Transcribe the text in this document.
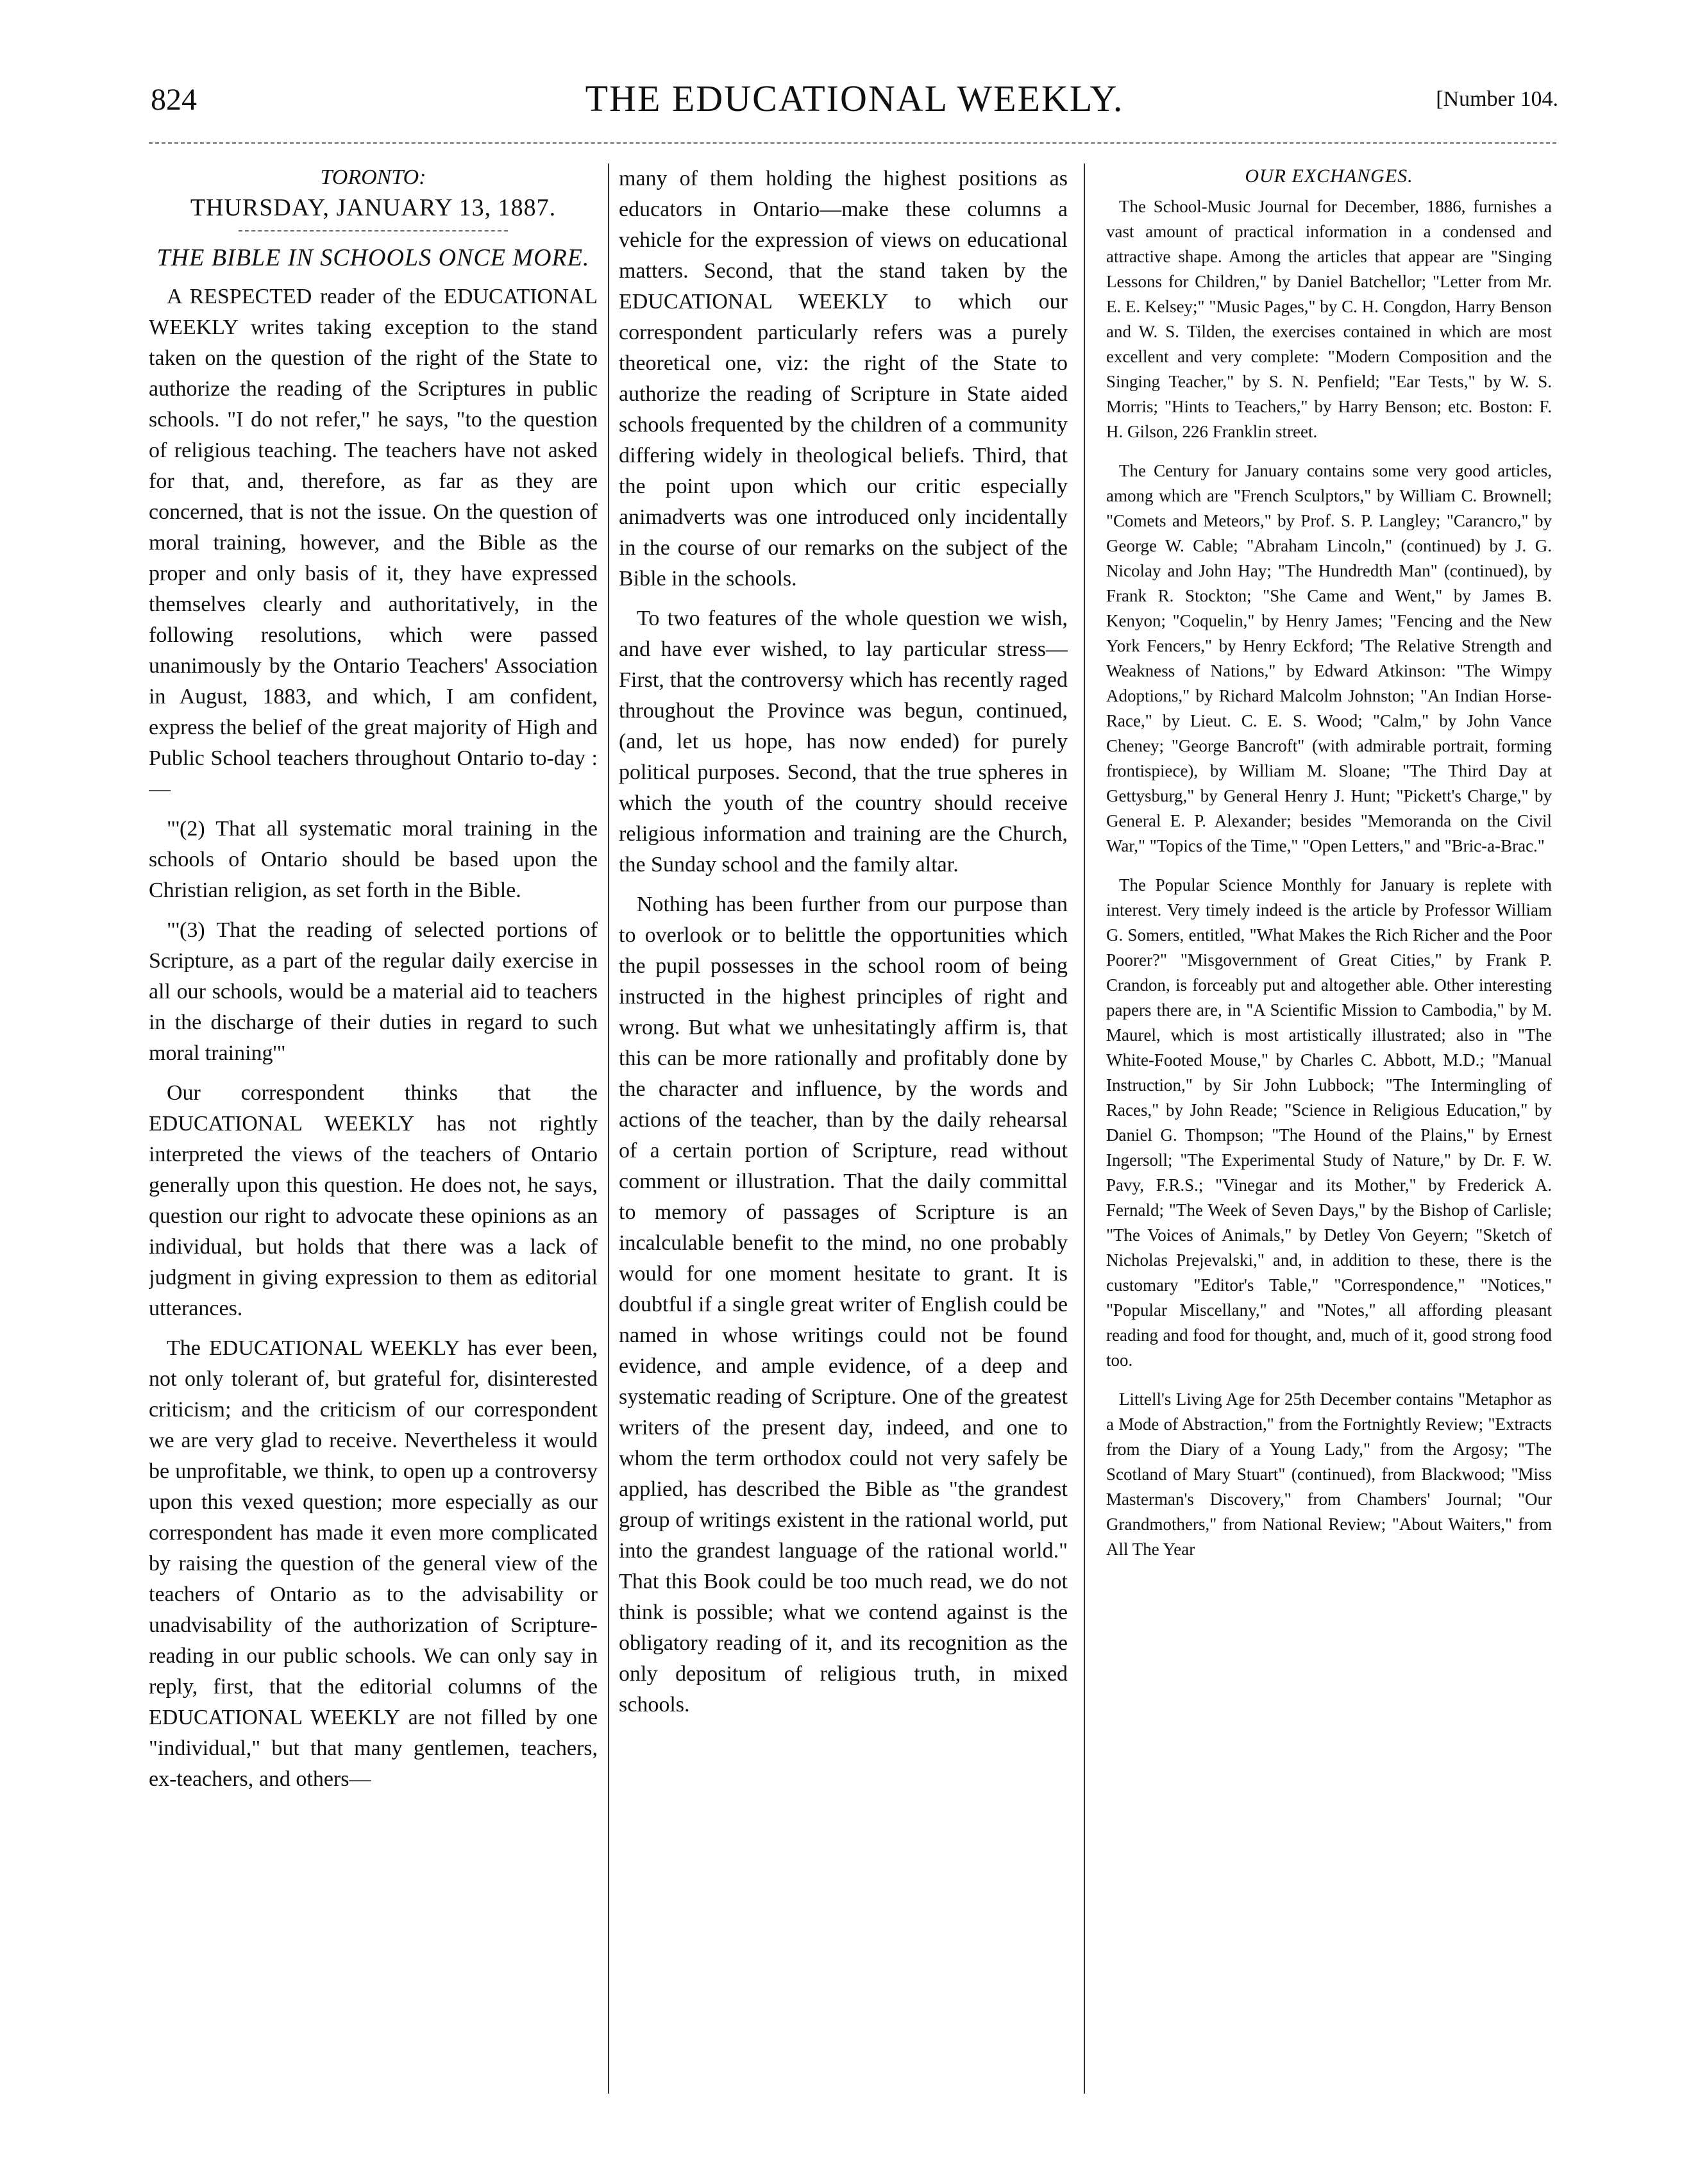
824	THE EDUCATIONAL WEEKLY.	[Number 104.
TORONTO:
THURSDAY, JANUARY 13, 1887.
THE BIBLE IN SCHOOLS ONCE MORE.

A RESPECTED reader of the EDUCATIONAL WEEKLY writes taking exception to the stand taken on the question of the right of the State to authorize the reading of the Scriptures in public schools. "I do not refer," he says, "to the question of religious teaching. The teachers have not asked for that, and, therefore, as far as they are concerned, that is not the issue. On the question of moral training, however, and the Bible as the proper and only basis of it, they have expressed themselves clearly and authoritatively, in the following resolutions, which were passed unanimously by the Ontario Teachers' Association in August, 1883, and which, I am confident, express the belief of the great majority of High and Public School teachers throughout Ontario to-day :—

"'(2) That all systematic moral training in the schools of Ontario should be based upon the Christian religion, as set forth in the Bible.

"'(3) That the reading of selected portions of Scripture, as a part of the regular daily exercise in all our schools, would be a material aid to teachers in the discharge of their duties in regard to such moral training'"

Our correspondent thinks that the EDUCATIONAL WEEKLY has not rightly interpreted the views of the teachers of Ontario generally upon this question. He does not, he says, question our right to advocate these opinions as an individual, but holds that there was a lack of judgment in giving expression to them as editorial utterances.

The EDUCATIONAL WEEKLY has ever been, not only tolerant of, but grateful for, disinterested criticism; and the criticism of our correspondent we are very glad to receive. Nevertheless it would be unprofitable, we think, to open up a controversy upon this vexed question; more especially as our correspondent has made it even more complicated by raising the question of the general view of the teachers of Ontario as to the advisability or unadvisability of the authorization of Scripture-reading in our public schools. We can only say in reply, first, that the editorial columns of the EDUCATIONAL WEEKLY are not filled by one "individual," but that many gentlemen, teachers, ex-teachers, and others—

many of them holding the highest positions as educators in Ontario—make these columns a vehicle for the expression of views on educational matters. Second, that the stand taken by the EDUCATIONAL WEEKLY to which our correspondent particularly refers was a purely theoretical one, viz: the right of the State to authorize the reading of Scripture in State aided schools frequented by the children of a community differing widely in theological beliefs. Third, that the point upon which our critic especially animadverts was one introduced only incidentally in the course of our remarks on the subject of the Bible in the schools.

To two features of the whole question we wish, and have ever wished, to lay particular stress—First, that the controversy which has recently raged throughout the Province was begun, continued, (and, let us hope, has now ended) for purely political purposes. Second, that the true spheres in which the youth of the country should receive religious information and training are the Church, the Sunday school and the family altar.

Nothing has been further from our purpose than to overlook or to belittle the opportunities which the pupil possesses in the school room of being instructed in the highest principles of right and wrong. But what we unhesitatingly affirm is, that this can be more rationally and profitably done by the character and influence, by the words and actions of the teacher, than by the daily rehearsal of a certain portion of Scripture, read without comment or illustration. That the daily committal to memory of passages of Scripture is an incalculable benefit to the mind, no one probably would for one moment hesitate to grant. It is doubtful if a single great writer of English could be named in whose writings could not be found evidence, and ample evidence, of a deep and systematic reading of Scripture. One of the greatest writers of the present day, indeed, and one to whom the term orthodox could not very safely be applied, has described the Bible as "the grandest group of writings existent in the rational world, put into the grandest language of the rational world." That this Book could be too much read, we do not think is possible; what we contend against is the obligatory reading of it, and its recognition as the only depositum of religious truth, in mixed schools.

OUR EXCHANGES.

The School-Music Journal for December, 1886, furnishes a vast amount of practical information in a condensed and attractive shape. Among the articles that appear are "Singing Lessons for Children," by Daniel Batchellor; "Letter from Mr. E. E. Kelsey;" "Music Pages," by C. H. Congdon, Harry Benson and W. S. Tilden, the exercises contained in which are most excellent and very complete: "Modern Composition and the Singing Teacher," by S. N. Penfield; "Ear Tests," by W. S. Morris; "Hints to Teachers," by Harry Benson; etc. Boston: F. H. Gilson, 226 Franklin street.

The Century for January contains some very good articles, among which are "French Sculptors," by William C. Brownell; "Comets and Meteors," by Prof. S. P. Langley; "Carancro," by George W. Cable; "Abraham Lincoln," (continued) by J. G. Nicolay and John Hay; "The Hundredth Man" (continued), by Frank R. Stockton; "She Came and Went," by James B. Kenyon; "Coquelin," by Henry James; "Fencing and the New York Fencers," by Henry Eckford; 'The Relative Strength and Weakness of Nations," by Edward Atkinson: "The Wimpy Adoptions," by Richard Malcolm Johnston; "An Indian Horse-Race," by Lieut. C. E. S. Wood; "Calm," by John Vance Cheney; "George Bancroft" (with admirable portrait, forming frontispiece), by William M. Sloane; "The Third Day at Gettysburg," by General Henry J. Hunt; "Pickett's Charge," by General E. P. Alexander; besides "Memoranda on the Civil War," "Topics of the Time," "Open Letters," and "Bric-a-Brac."

The Popular Science Monthly for January is replete with interest. Very timely indeed is the article by Professor William G. Somers, entitled, "What Makes the Rich Richer and the Poor Poorer?" "Misgovernment of Great Cities," by Frank P. Crandon, is forceably put and altogether able. Other interesting papers there are, in "A Scientific Mission to Cambodia," by M. Maurel, which is most artistically illustrated; also in "The White-Footed Mouse," by Charles C. Abbott, M.D.; "Manual Instruction," by Sir John Lubbock; "The Intermingling of Races," by John Reade; "Science in Religious Education," by Daniel G. Thompson; "The Hound of the Plains," by Ernest Ingersoll; "The Experimental Study of Nature," by Dr. F. W. Pavy, F.R.S.; "Vinegar and its Mother," by Frederick A. Fernald; "The Week of Seven Days," by the Bishop of Carlisle; "The Voices of Animals," by Detley Von Geyern; "Sketch of Nicholas Prejevalski," and, in addition to these, there is the customary "Editor's Table," "Correspondence," "Notices," "Popular Miscellany," and "Notes," all affording pleasant reading and food for thought, and, much of it, good strong food too.

Littell's Living Age for 25th December contains "Metaphor as a Mode of Abstraction," from the Fortnightly Review; "Extracts from the Diary of a Young Lady," from the Argosy; "The Scotland of Mary Stuart" (continued), from Blackwood; "Miss Masterman's Discovery," from Chambers' Journal; "Our Grandmothers," from National Review; "About Waiters," from All The Year
